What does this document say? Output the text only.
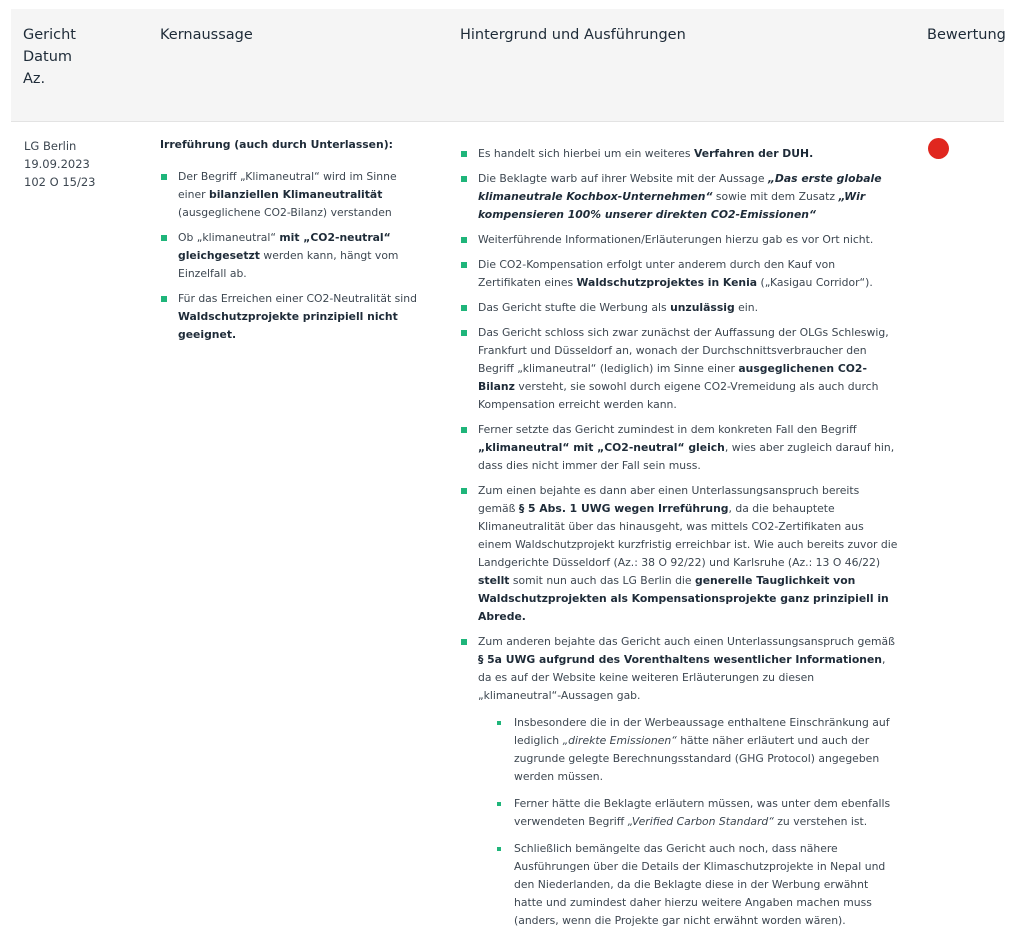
Gericht
Datum
Az.
Kernaussage	Hintergrund und Ausführungen	Bewertung
LG Berlin
19.09.2023
102 O 15/23
Irreführung (auch durch Unterlassen):
Der Begriff „Klimaneutral“ wird im Sinne einer bilanziellen Klimaneutralität (ausgeglichene CO2-Bilanz) verstanden
Ob „klimaneutral“ mit „CO2-neutral“ gleichgesetzt werden kann, hängt vom Einzelfall ab.
Für das Erreichen einer CO2-Neutralität sind Waldschutzprojekte prinzipiell nicht geeignet.
Es handelt sich hierbei um ein weiteres Verfahren der DUH.
Die Beklagte warb auf ihrer Website mit der Aussage „Das erste globale klimaneutrale Kochbox-Unternehmen“ sowie mit dem Zusatz „Wir kompensieren 100% unserer direkten CO2-Emissionen“
Weiterführende Informationen/Erläuterungen hierzu gab es vor Ort nicht.
Die CO2-Kompensation erfolgt unter anderem durch den Kauf von Zertifikaten eines Waldschutzprojektes in Kenia („Kasigau Corridor“).
Das Gericht stufte die Werbung als unzulässig ein.
Das Gericht schloss sich zwar zunächst der Auffassung der OLGs Schleswig, Frankfurt und Düsseldorf an, wonach der Durchschnittsverbraucher den Begriff „klimaneutral“ (lediglich) im Sinne einer ausgeglichenen CO2-Bilanz versteht, sie sowohl durch eigene CO2-Vremeidung als auch durch Kompensation erreicht werden kann.
Ferner setzte das Gericht zumindest in dem konkreten Fall den Begriff „klimaneutral“ mit „CO2-neutral“ gleich, wies aber zugleich darauf hin, dass dies nicht immer der Fall sein muss.
Zum einen bejahte es dann aber einen Unterlassungsanspruch bereits gemäß § 5 Abs. 1 UWG wegen Irreführung, da die behauptete Klimaneutralität über das hinausgeht, was mittels CO2-Zertifikaten aus einem Waldschutzprojekt kurzfristig erreichbar ist. Wie auch bereits zuvor die Landgerichte Düsseldorf (Az.: 38 O 92/22) und Karlsruhe (Az.: 13 O 46/22) stellt somit nun auch das LG Berlin die generelle Tauglichkeit von Waldschutzprojekten als Kompensationsprojekte ganz prinzipiell in Abrede.
Zum anderen bejahte das Gericht auch einen Unterlassungsanspruch gemäß § 5a UWG aufgrund des Vorenthaltens wesentlicher Informationen, da es auf der Website keine weiteren Erläuterungen zu diesen „klimaneutral“-Aussagen gab.
Insbesondere die in der Werbeaussage enthaltene Einschränkung auf lediglich „direkte Emissionen“ hätte näher erläutert und auch der zugrunde gelegte Berechnungsstandard (GHG Protocol) angegeben werden müssen.
Ferner hätte die Beklagte erläutern müssen, was unter dem ebenfalls verwendeten Begriff „Verified Carbon Standard“ zu verstehen ist.
Schließlich bemängelte das Gericht auch noch, dass nähere Ausführungen über die Details der Klimaschutzprojekte in Nepal und den Niederlanden, da die Beklagte diese in der Werbung erwähnt hatte und zumindest daher hierzu weitere Angaben machen muss (anders, wenn die Projekte gar nicht erwähnt worden wären).
